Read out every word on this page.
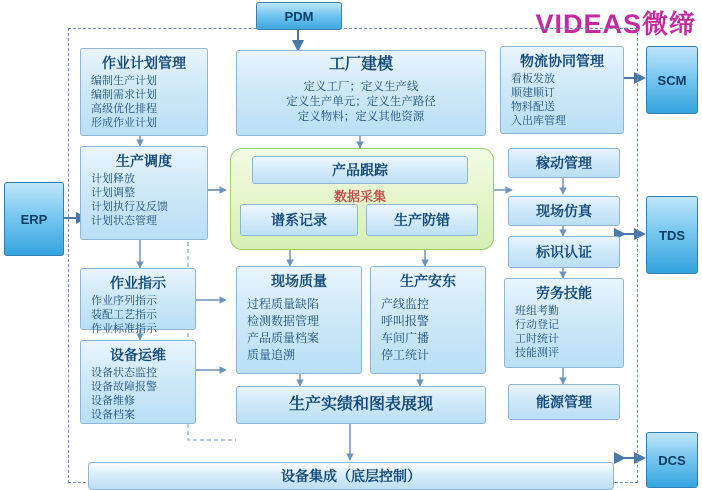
VIDEAS微缔
PDM
ERP
SCM
TDS
DCS
作业计划管理
编制生产计划
编制需求计划
高级优化排程
形成作业计划
生产调度
计划释放
计划调整
计划执行及反馈
计划状态管理
作业指示
作业序列指示
装配工艺指示
作业标准指示
设备运维
设备状态监控
设备故障报警
设备维修
设备档案
工厂建模
定义工厂；定义生产线
定义生产单元；定义生产路径
定义物料；定义其他资源
物流协同管理
看板发放
顺建顺订
物料配送
入出库管理
产品跟踪
数据采集
谱系记录	生产防错
稼动管理
现场仿真
标识认证
劳务技能
班组考勤
行动登记
工时统计
技能测评
能源管理
现场质量
过程质量缺陷
检测数据管理
产品质量档案
质量追溯
生产安东
产线监控
呼叫报警
车间广播
停工统计
生产实绩和图表展现
设备集成（底层控制）
